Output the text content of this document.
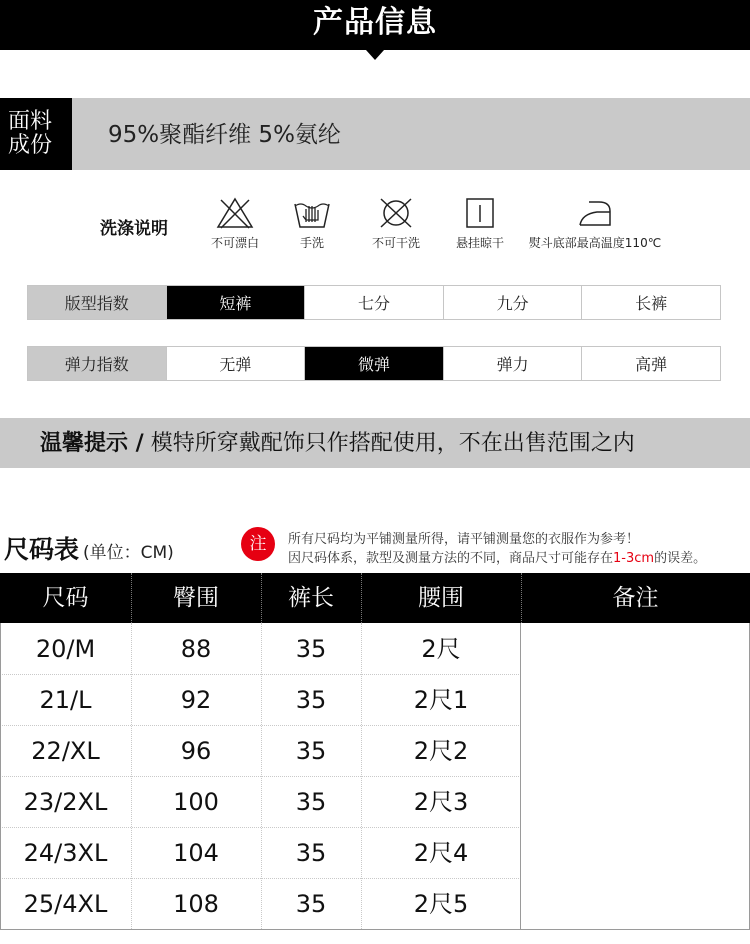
产品信息
面料
成份	95%聚酯纤维 5%氨纶
洗涤说明
不可漂白	手洗	不可干洗	悬挂晾干	熨斗底部最高温度110℃
版型指数	短裤	七分	九分	长裤
弹力指数	无弹	微弹	弹力	高弹
温馨提示 / 模特所穿戴配饰只作搭配使用，不在出售范围之内
尺码表 (单位：CM)	注	所有尺码均为平铺测量所得，请平铺测量您的衣服作为参考！
因尺码体系，款型及测量方法的不同，商品尺寸可能存在1-3cm的误差。
尺码	臀围	裤长	腰围	备注
20/M	88	35	2尺
21/L	92	35	2尺1
22/XL	96	35	2尺2
23/2XL	100	35	2尺3
24/3XL	104	35	2尺4
25/4XL	108	35	2尺5
